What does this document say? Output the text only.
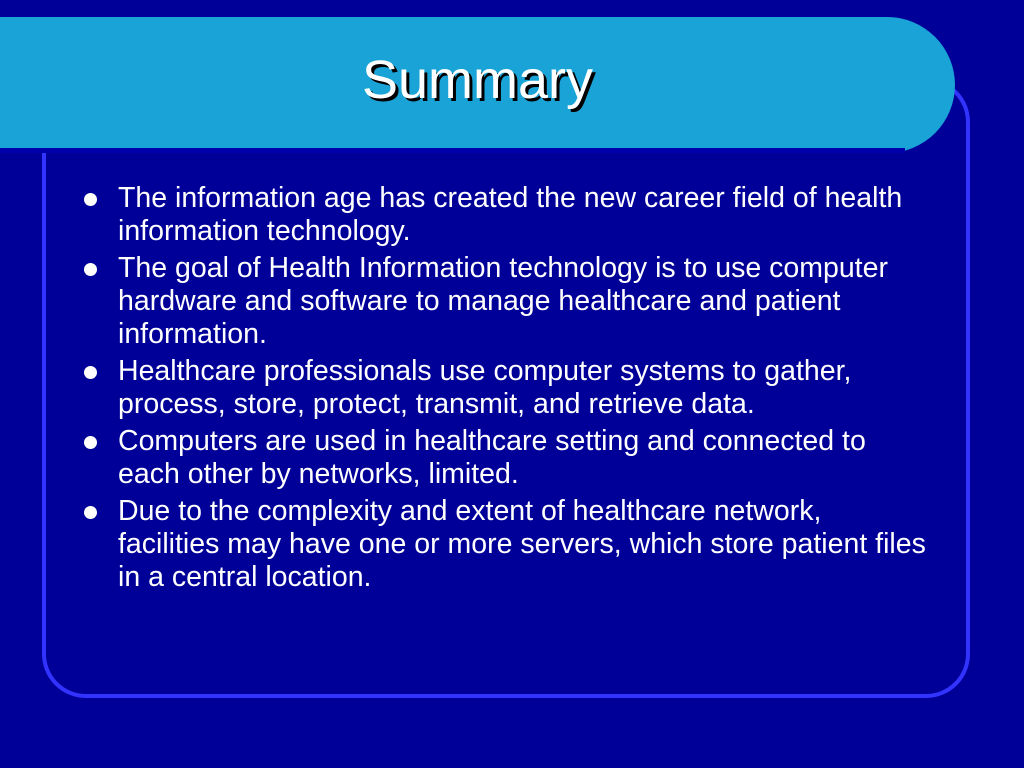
Summary
The information age has created the new career field of health information technology.
The goal of Health Information technology is to use computer hardware and software to manage healthcare and patient information.
Healthcare professionals use computer systems to gather, process, store, protect, transmit, and retrieve data.
Computers are used in healthcare setting and connected to each other by networks, limited.
Due to the complexity and extent of healthcare network, facilities may have one or more servers, which store patient files in a central location.
